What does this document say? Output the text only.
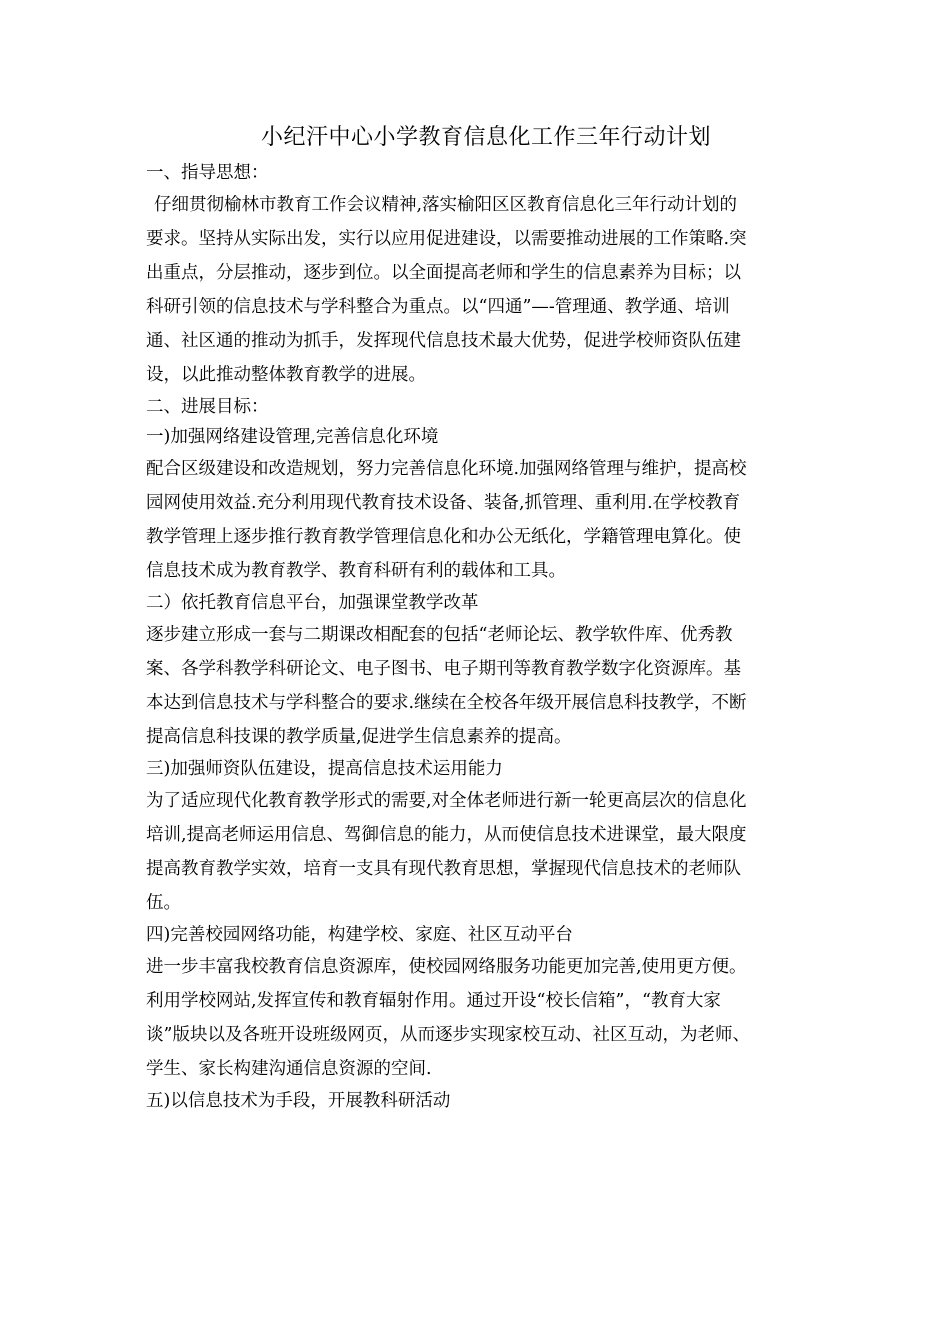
小纪汗中心小学教育信息化工作三年行动计划

一、指导思想：

仔细贯彻榆林市教育工作会议精神,落实榆阳区区教育信息化三年行动计划的

要求。坚持从实际出发，实行以应用促进建设，以需要推动进展的工作策略.突

出重点，分层推动，逐步到位。以全面提高老师和学生的信息素养为目标；以

科研引领的信息技术与学科整合为重点。以“四通”—-管理通、教学通、培训

通、社区通的推动为抓手，发挥现代信息技术最大优势，促进学校师资队伍建

设，以此推动整体教育教学的进展。

二、进展目标：

一)加强网络建设管理,完善信息化环境

配合区级建设和改造规划，努力完善信息化环境.加强网络管理与维护，提高校

园网使用效益.充分利用现代教育技术设备、装备,抓管理、重利用.在学校教育

教学管理上逐步推行教育教学管理信息化和办公无纸化，学籍管理电算化。使

信息技术成为教育教学、教育科研有利的载体和工具。

二）依托教育信息平台，加强课堂教学改革

逐步建立形成一套与二期课改相配套的包括“老师论坛、教学软件库、优秀教

案、各学科教学科研论文、电子图书、电子期刊等教育教学数字化资源库。基

本达到信息技术与学科整合的要求.继续在全校各年级开展信息科技教学，不断

提高信息科技课的教学质量,促进学生信息素养的提高。

三)加强师资队伍建设，提高信息技术运用能力

为了适应现代化教育教学形式的需要,对全体老师进行新一轮更高层次的信息化

培训,提高老师运用信息、驾御信息的能力，从而使信息技术进课堂，最大限度

提高教育教学实效，培育一支具有现代教育思想，掌握现代信息技术的老师队

伍。

四)完善校园网络功能，构建学校、家庭、社区互动平台

进一步丰富我校教育信息资源库，使校园网络服务功能更加完善,使用更方便。

利用学校网站,发挥宣传和教育辐射作用。通过开设“校长信箱”，“教育大家

谈”版块以及各班开设班级网页，从而逐步实现家校互动、社区互动，为老师、

学生、家长构建沟通信息资源的空间.

五)以信息技术为手段，开展教科研活动
